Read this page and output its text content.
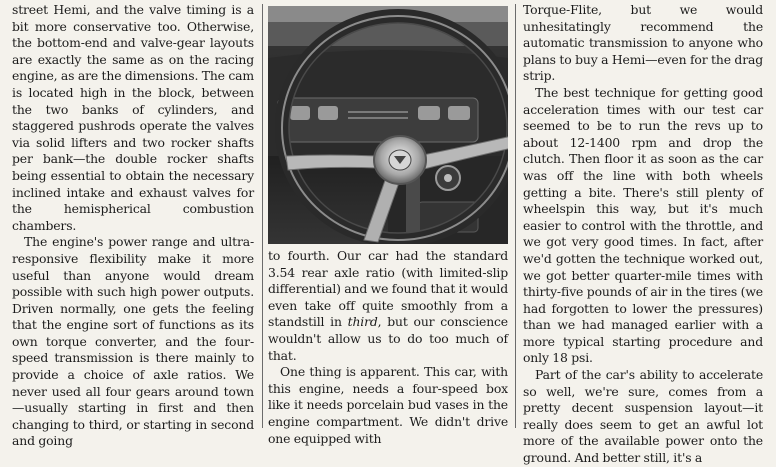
street Hemi, and the valve timing is a bit more conservative too. Otherwise, the bottom-end and valve-gear layouts are exactly the same as on the racing engine, as are the dimensions. The cam is located high in the block, between the two banks of cylinders, and staggered pushrods operate the valves via solid lifters and two rocker shafts per bank—the double rocker shafts being essential to obtain the necessary inclined intake and exhaust valves for the hemispherical combustion chambers.

The engine's power range and ultra-responsive flexibility make it more useful than anyone would dream possible with such high power outputs. Driven normally, one gets the feeling that the engine sort of functions as its own torque converter, and the four-speed transmission is there mainly to provide a choice of axle ratios. We never used all four gears around town—usually starting in first and then changing to third, or starting in second and going

to fourth. Our car had the standard 3.54 rear axle ratio (with limited-slip differential) and we found that it would even take off quite smoothly from a standstill in third, but our conscience wouldn't allow us to do too much of that.

One thing is apparent. This car, with this engine, needs a four-speed box like it needs porcelain bud vases in the engine compartment. We didn't drive one equipped with

Torque-Flite, but we would unhesitatingly recommend the automatic transmission to anyone who plans to buy a Hemi—even for the drag strip.

The best technique for getting good acceleration times with our test car seemed to be to run the revs up to about 12-1400 rpm and drop the clutch. Then floor it as soon as the car was off the line with both wheels getting a bite. There's still plenty of wheelspin this way, but it's much easier to control with the throttle, and we got very good times. In fact, after we'd gotten the technique worked out, we got better quarter-mile times with thirty-five pounds of air in the tires (we had forgotten to lower the pressures) than we had managed earlier with a more typical starting procedure and only 18 psi.

Part of the car's ability to accelerate so well, we're sure, comes from a pretty decent suspension layout—it really does seem to get an awful lot more of the available power onto the ground. And better still, it's a
